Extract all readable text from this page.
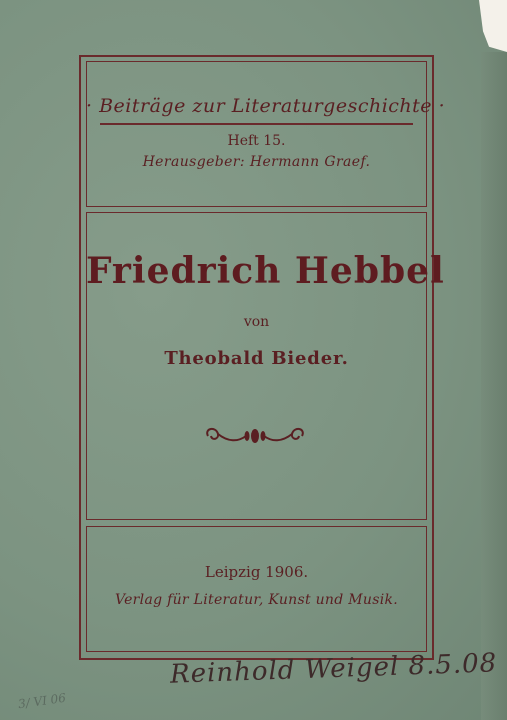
· Beiträge zur Literaturgeschichte ·
Heft 15.
Herausgeber: Hermann Graef.
Friedrich Hebbel
von
Theobald Bieder.
Leipzig 1906.
Verlag für Literatur, Kunst und Musik.
Reinhold Weigel 8.5.08
3/ VI 06
